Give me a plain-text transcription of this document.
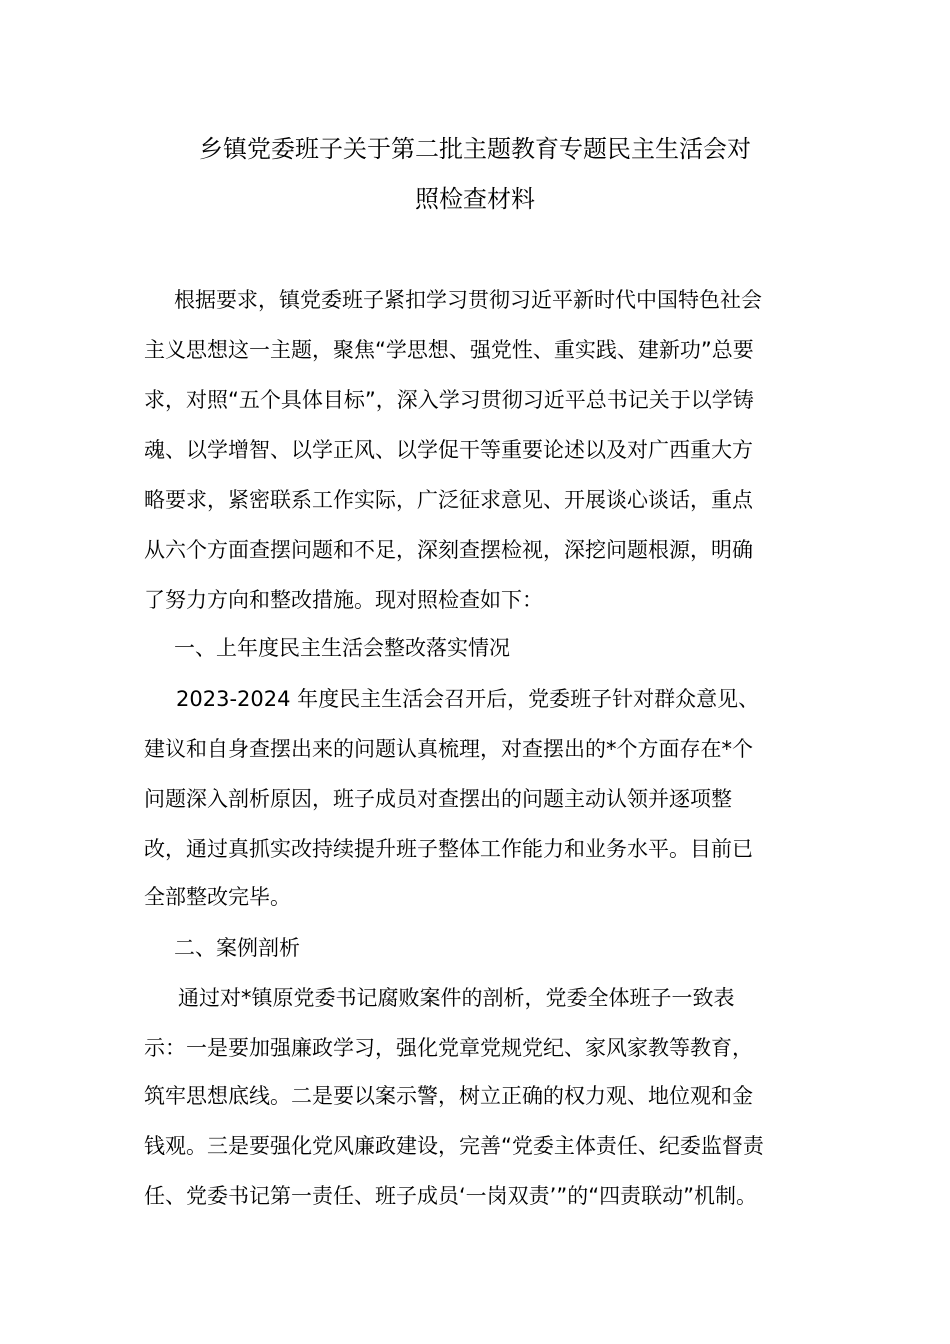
乡镇党委班子关于第二批主题教育专题民主生活会对
照检查材料
根据要求，镇党委班子紧扣学习贯彻习近平新时代中国特色社会
主义思想这一主题，聚焦“学思想、强党性、重实践、建新功”总要
求，对照“五个具体目标”，深入学习贯彻习近平总书记关于以学铸
魂、以学增智、以学正风、以学促干等重要论述以及对广西重大方
略要求，紧密联系工作实际，广泛征求意见、开展谈心谈话，重点
从六个方面查摆问题和不足，深刻查摆检视，深挖问题根源，明确
了努力方向和整改措施。现对照检查如下：
一、上年度民主生活会整改落实情况
2023-2024 年度民主生活会召开后，党委班子针对群众意见、
建议和自身查摆出来的问题认真梳理，对查摆出的*个方面存在*个
问题深入剖析原因，班子成员对查摆出的问题主动认领并逐项整
改，通过真抓实改持续提升班子整体工作能力和业务水平。目前已
全部整改完毕。
二、案例剖析
通过对*镇原党委书记腐败案件的剖析，党委全体班子一致表
示：一是要加强廉政学习，强化党章党规党纪、家风家教等教育，
筑牢思想底线。二是要以案示警，树立正确的权力观、地位观和金
钱观。三是要强化党风廉政建设，完善“党委主体责任、纪委监督责
任、党委书记第一责任、班子成员‘一岗双责’”的“四责联动”机制。
